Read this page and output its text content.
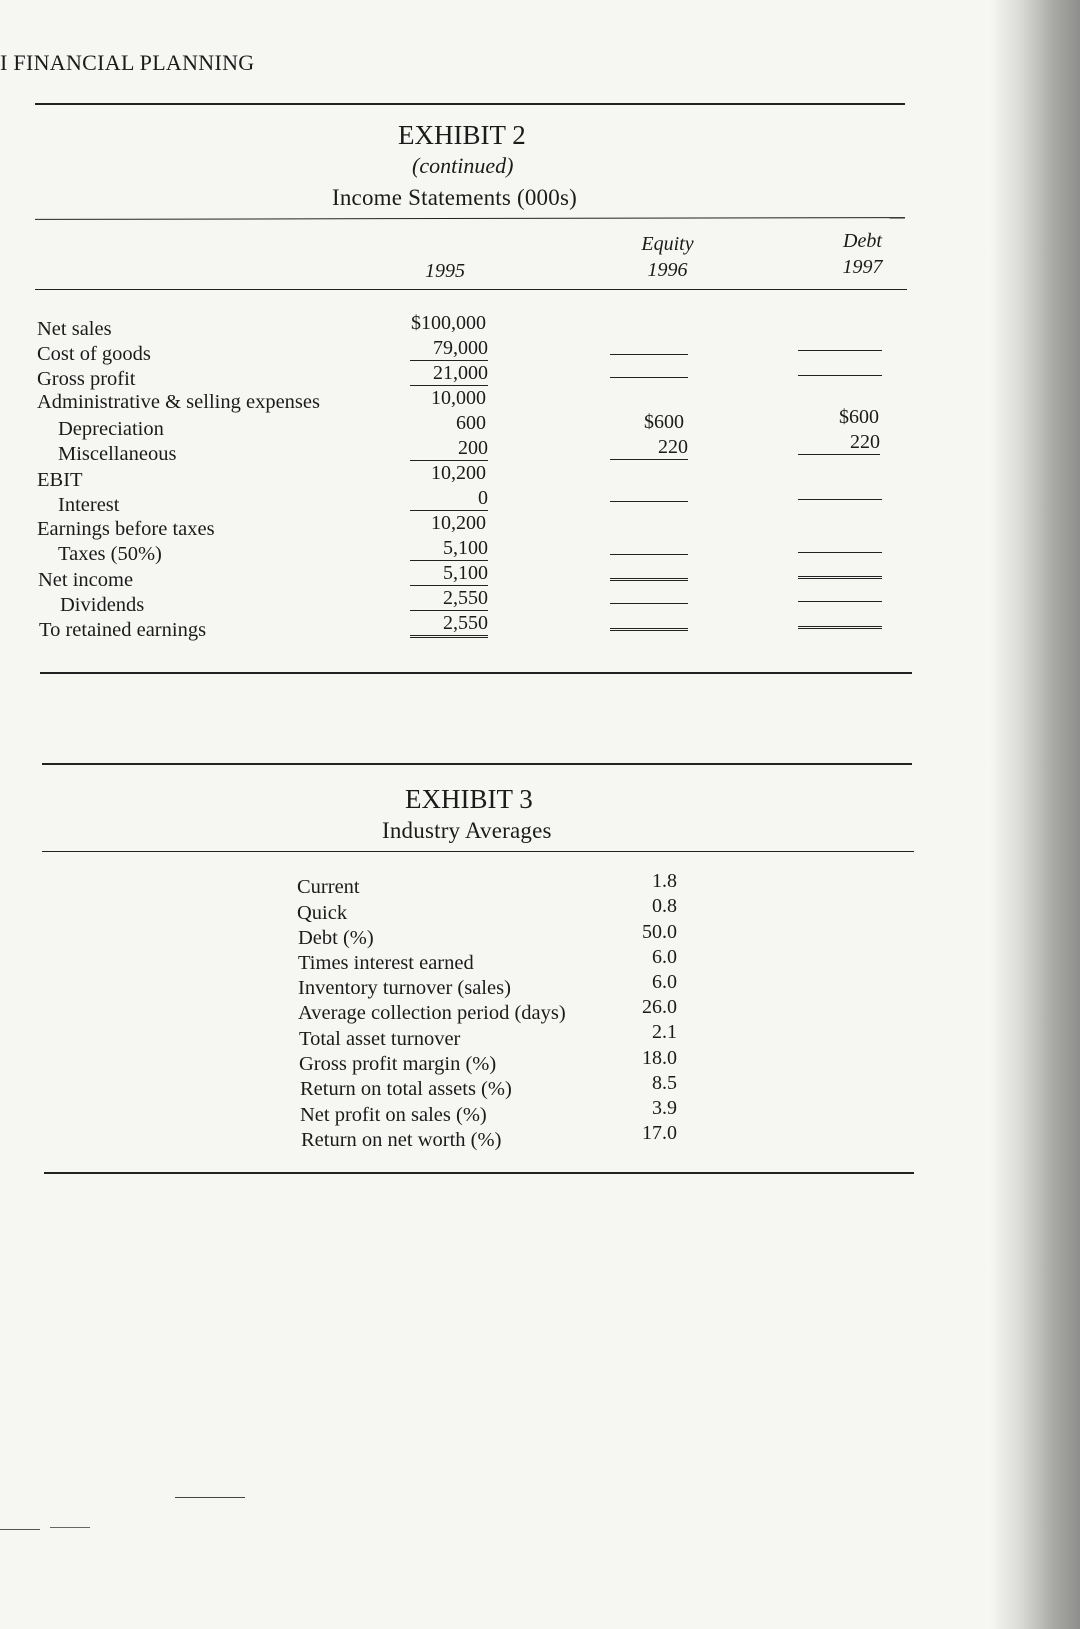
I FINANCIAL PLANNING
EXHIBIT 2
(continued)
Income Statements (000s)
1995
Equity
1996
Debt
1997
Net sales
Cost of goods
Gross profit
Administrative & selling expenses
Depreciation
Miscellaneous
EBIT
Interest
Earnings before taxes
Taxes (50%)
Net income
Dividends
To retained earnings
$100,000
79,000
21,000
10,000
600
200
10,200
0
10,200
5,100
5,100
2,550
2,550
$600
220
$600
220
EXHIBIT 3
Industry Averages
Current
Quick
Debt (%)
Times interest earned
Inventory turnover (sales)
Average collection period (days)
Total asset turnover
Gross profit margin (%)
Return on total assets (%)
Net profit on sales (%)
Return on net worth (%)
1.8
0.8
50.0
6.0
6.0
26.0
2.1
18.0
8.5
3.9
17.0
